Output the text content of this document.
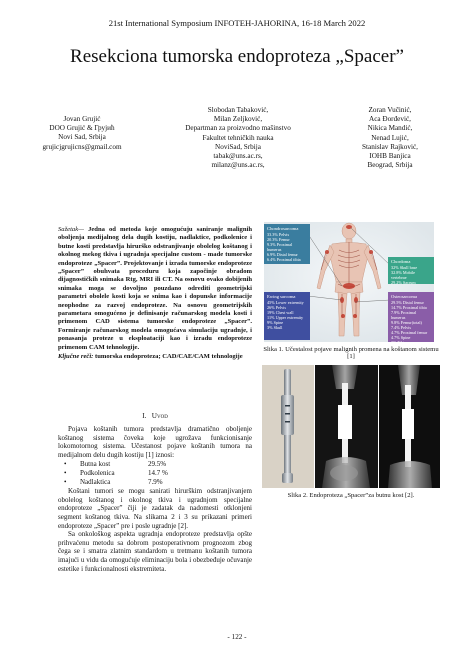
21st International Symposium INFOTEH-JAHORINA, 16-18 March 2022
Resekciona tumorska endoproteza „Spacer”
Jovan Grujić
DOO Grujić & Грујић
Novi Sad, Srbija
grujicjgrujicns@gmail.com
Slobodan Tabaković,
Milan Zeljković,
Departman za proizvodno mašinstvo
Fakultet tehničkih nauka
NoviSad, Srbija
tabak@uns.ac.rs,
milanz@uns.ac.rs,
Zoran Vučinić,
Aca Đorđević,
Nikica Mandić,
Nenad Lujić,
Stanislav Rajković,
IOHB Banjica
Beograd, Srbija
Sažetak— Jedna od metoda koje omogućuju saniranje malignih oboljenja medijalnog dela dugih kostiju, nadlaktice, podkolenice i butne kosti predstavlja hirurško odstranjivanje obolelog koštanog i okolnog mekog tkiva i ugradnja specijalne custom - made tumorske endoproteze „Spacer”. Projektovanje i izrada tumorske endoproteze „Spacer” obuhvata proceduru koja započinje obradom dijagnostičkih snimaka Rtg, MRI ili CT. Na osnovu ovako dobijenih snimaka moga se dovoljno pouzdano odrediti geometrijski parametri obolele kosti koja se snima kao i dopunske informacije neophodne za razvoj endoproteze. Na osnovu geometrijskih parametara omogućeno je definisanje računarskog modela kosti i primenom CAD sistema tumorske endoproteze „Spacer”. Formiranje računarskog modela omogućava simulaciju ugradnje, i ponasanja proteze u eksploataciji kao i izradu endoproteze primenom CAM tehnologije.
Ključne reči: tumorska endoproteza; CAD/CAE/CAM tehnologije
I. Uvod

Pojava koštanih tumora predstavlja dramatično oboljenje koštanog sistema čoveka koje ugrožava funkcionisanje lokomotornog sistema. Učestanost pojave koštanih tumora na medijalnom delu dugih kostiju [1] iznosi:

•	Butna kost	29.5%
•	Podkolenica	14.7 %
•	Nadlaktica	7.9%

Koštani tumori se mogu sanirati hirurškim odstranjivanjem obolelog koštanog i okolnog tkiva i ugradnjom specijalne endoproteze „Spacer” čiji je zadatak da nadomesti otklonjeni segment koštanog tkiva. Na slikama 2 i 3 su prikazani primeri endoproteze „Spacer” pre i posle ugradnje [2].

Sa onkološkog aspekta ugradnja endoproteze predstavlja opšte prihvaćenu metodu sa dobrom postoperativnom prognozom zbog čega se i smatra zlatnim standardom u tretmanu koštanih tumora imajući u vidu da omogućuje eliminaciju bola i obezbeđuje očuvanje estetike i funkcionalnosti ekstremiteta.

Chondrosarcoma
33.3% Pelvis
20.3% Femur
9.3% Proximal humerus
6.9% Distal femur
6.4% Proximal tibia	Chordoma
32% Skull base
32.8% Mobile vertebrae
29.2% Sacrum
Osteosarcoma
29.5% Distal femur
14.7% Proximal tibia
7.9% Proximal humerus
9.8% Femur(total)
7.4% Pelvis
4.7% Proximal femur
4.7% Spine
3% Tibia
Ewing sarcoma
45% Lower extremity
26% Pelvis
19% Chest wall
11% Upper extremity
9% Spine
3% Skull
Slika 1. Učestalost pojave malignih promena na koštanom sistemu [1]
Slika 2. Endoproteza „Spacer”za butnu kost [2].
- 122 -
